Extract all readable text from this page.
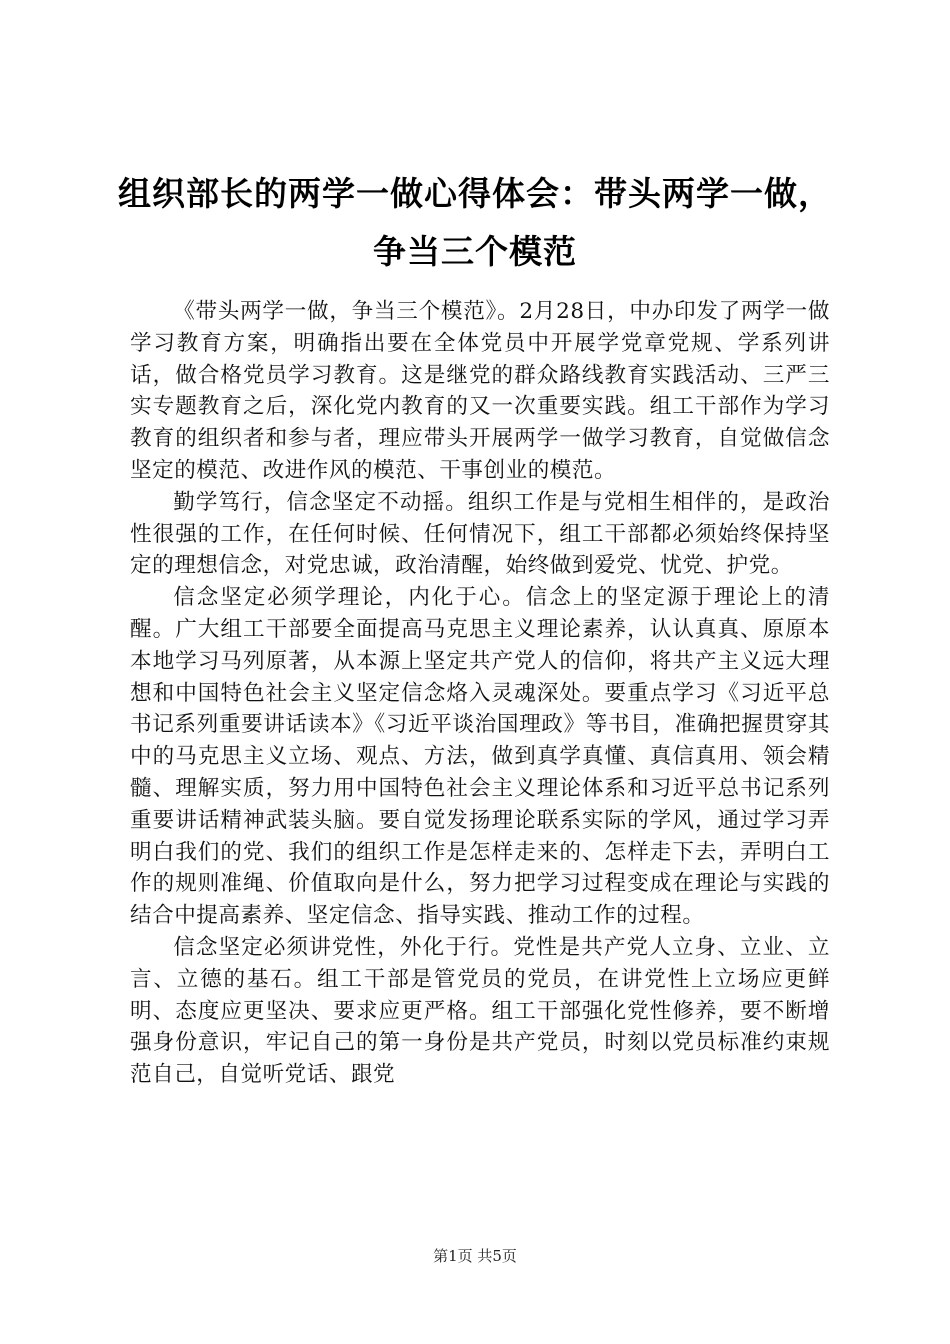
组织部长的两学一做心得体会：带头两学一做，
争当三个模范

《带头两学一做，争当三个模范》。2月28日，中办印发了两学一做学习教育方案，明确指出要在全体党员中开展学党章党规、学系列讲话，做合格党员学习教育。这是继党的群众路线教育实践活动、三严三实专题教育之后，深化党内教育的又一次重要实践。组工干部作为学习教育的组织者和参与者，理应带头开展两学一做学习教育，自觉做信念坚定的模范、改进作风的模范、干事创业的模范。

勤学笃行，信念坚定不动摇。组织工作是与党相生相伴的，是政治性很强的工作，在任何时候、任何情况下，组工干部都必须始终保持坚定的理想信念，对党忠诚，政治清醒，始终做到爱党、忧党、护党。

信念坚定必须学理论，内化于心。信念上的坚定源于理论上的清醒。广大组工干部要全面提高马克思主义理论素养，认认真真、原原本本地学习马列原著，从本源上坚定共产党人的信仰，将共产主义远大理想和中国特色社会主义坚定信念烙入灵魂深处。要重点学习《习近平总书记系列重要讲话读本》《习近平谈治国理政》等书目，准确把握贯穿其中的马克思主义立场、观点、方法，做到真学真懂、真信真用、领会精髓、理解实质，努力用中国特色社会主义理论体系和习近平总书记系列重要讲话精神武装头脑。要自觉发扬理论联系实际的学风，通过学习弄明白我们的党、我们的组织工作是怎样走来的、怎样走下去，弄明白工作的规则准绳、价值取向是什么，努力把学习过程变成在理论与实践的结合中提高素养、坚定信念、指导实践、推动工作的过程。

信念坚定必须讲党性，外化于行。党性是共产党人立身、立业、立言、立德的基石。组工干部是管党员的党员，在讲党性上立场应更鲜明、态度应更坚决、要求应更严格。组工干部强化党性修养，要不断增强身份意识，牢记自己的第一身份是共产党员，时刻以党员标准约束规范自己，自觉听党话、跟党

第1页 共5页
